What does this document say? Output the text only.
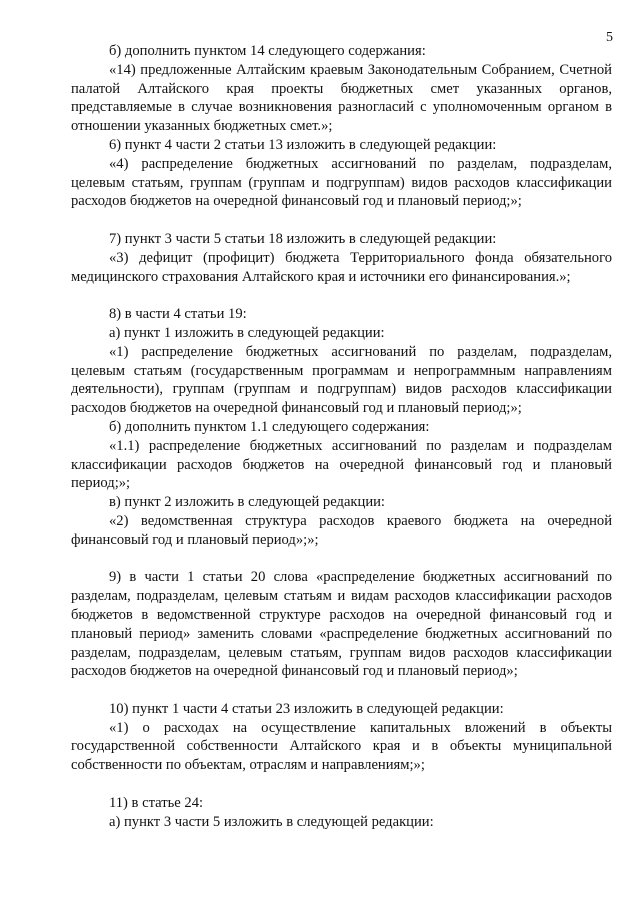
5

б) дополнить пунктом 14 следующего содержания:

«14) предложенные Алтайским краевым Законодательным Собранием, Счетной палатой Алтайского края проекты бюджетных смет указанных органов, представляемые в случае возникновения разногласий с уполномоченным органом в отношении указанных бюджетных смет.»;

6) пункт 4 части 2 статьи 13 изложить в следующей редакции:

«4) распределение бюджетных ассигнований по разделам, подразделам, целевым статьям, группам (группам и подгруппам) видов расходов классификации расходов бюджетов на очередной финансовый год и плановый период;»;

7) пункт 3 части 5 статьи 18 изложить в следующей редакции:

«3) дефицит (профицит) бюджета Территориального фонда обязательного медицинского страхования Алтайского края и источники его финансирования.»;

8) в части 4 статьи 19:

а) пункт 1 изложить в следующей редакции:

«1) распределение бюджетных ассигнований по разделам, подразделам, целевым статьям (государственным программам и непрограммным направлениям деятельности), группам (группам и подгруппам) видов расходов классификации расходов бюджетов на очередной финансовый год и плановый период;»;

б) дополнить пунктом 1.1 следующего содержания:

«1.1) распределение бюджетных ассигнований по разделам и подразделам классификации расходов бюджетов на очередной финансовый год и плановый период;»;

в) пункт 2 изложить в следующей редакции:

«2) ведомственная структура расходов краевого бюджета на очередной финансовый год и плановый период»;»;

9) в части 1 статьи 20 слова «распределение бюджетных ассигнований по разделам, подразделам, целевым статьям и видам расходов классификации расходов бюджетов в ведомственной структуре расходов на очередной финансовый год и плановый период» заменить словами «распределение бюджетных ассигнований по разделам, подразделам, целевым статьям, группам видов расходов классификации расходов бюджетов на очередной финансовый год и плановый период»;

10) пункт 1 части 4 статьи 23 изложить в следующей редакции:

«1) о расходах на осуществление капитальных вложений в объекты государственной собственности Алтайского края и в объекты муниципальной собственности по объектам, отраслям и направлениям;»;

11) в статье 24:

а) пункт 3 части 5 изложить в следующей редакции:
